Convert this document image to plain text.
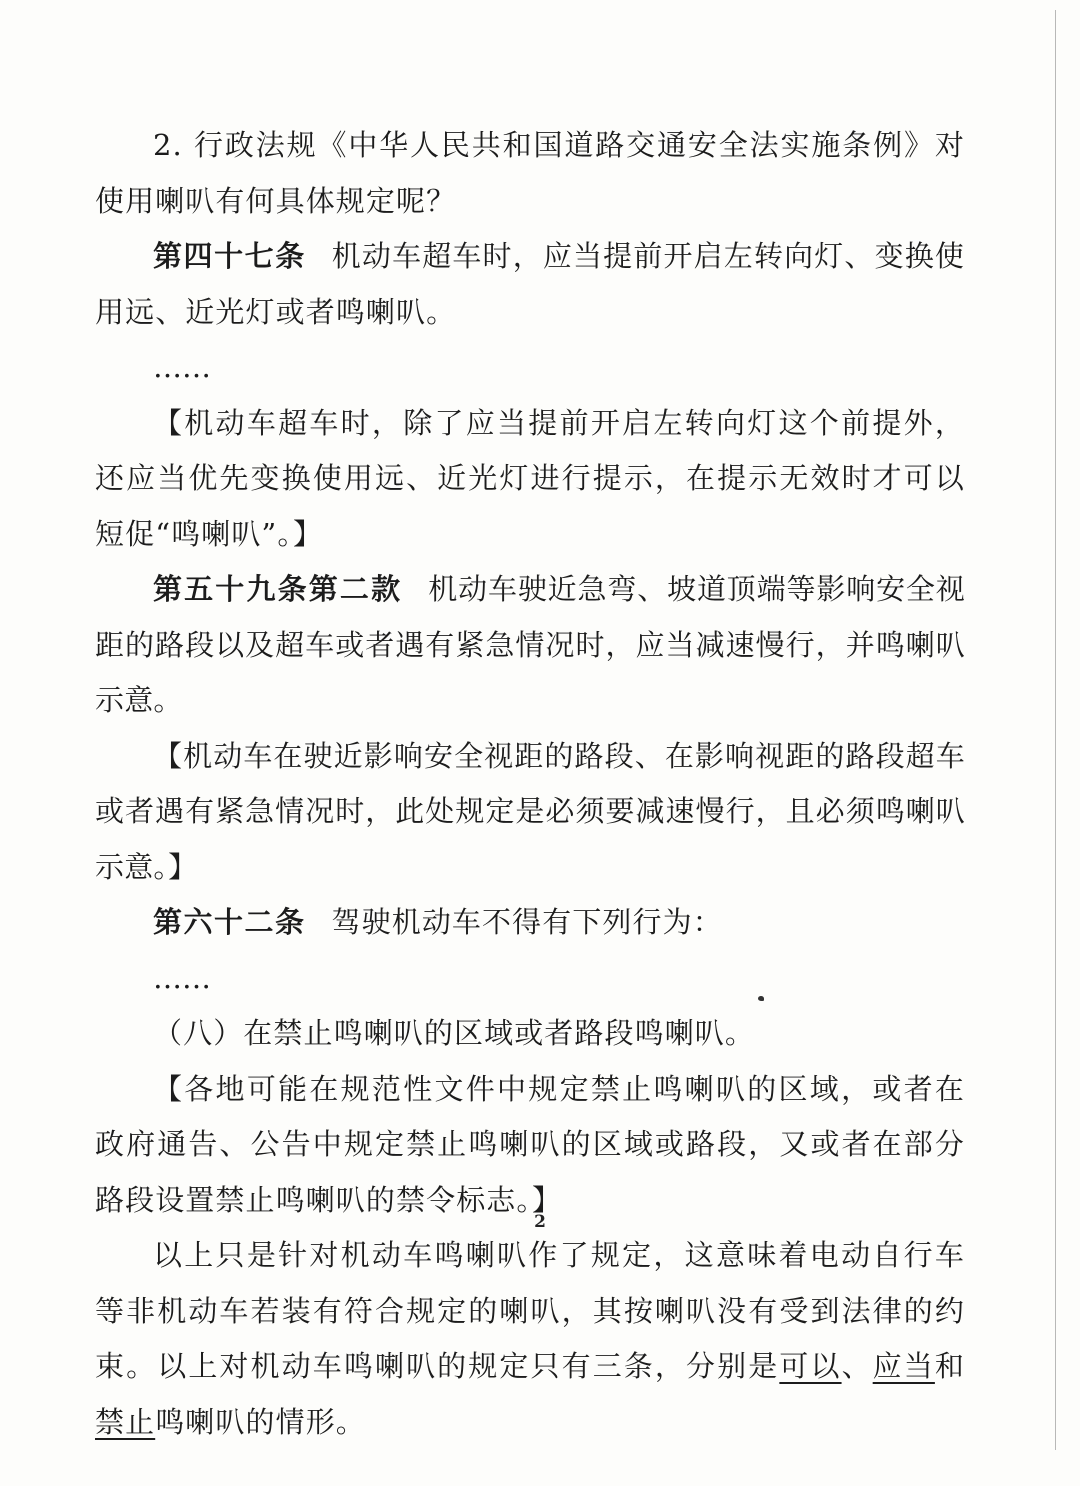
2. 行政法规《中华人民共和国道路交通安全法实施条例》对使用喇叭有何具体规定呢？

第四十七条 机动车超车时，应当提前开启左转向灯、变换使用远、近光灯或者鸣喇叭。

……

【机动车超车时，除了应当提前开启左转向灯这个前提外，还应当优先变换使用远、近光灯进行提示，在提示无效时才可以短促“鸣喇叭”。】

第五十九条第二款 机动车驶近急弯、坡道顶端等影响安全视距的路段以及超车或者遇有紧急情况时，应当减速慢行，并鸣喇叭示意。

【机动车在驶近影响安全视距的路段、在影响视距的路段超车或者遇有紧急情况时，此处规定是必须要减速慢行，且必须鸣喇叭示意。】

第六十二条 驾驶机动车不得有下列行为：

……

（八）在禁止鸣喇叭的区域或者路段鸣喇叭。

【各地可能在规范性文件中规定禁止鸣喇叭的区域，或者在政府通告、公告中规定禁止鸣喇叭的区域或路段，又或者在部分路段设置禁止鸣喇叭的禁令标志。】

以上只是针对机动车鸣喇叭作了规定，这意味着电动自行车等非机动车若装有符合规定的喇叭，其按喇叭没有受到法律的约束。以上对机动车鸣喇叭的规定只有三条，分别是可以、应当和禁止鸣喇叭的情形。

2
